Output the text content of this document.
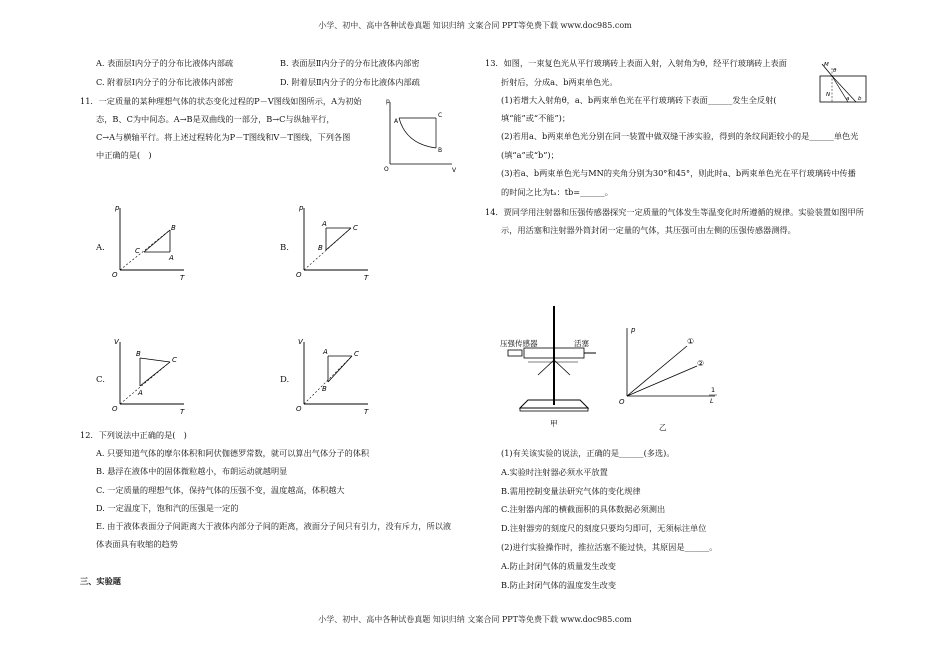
小学、初中、高中各种试卷真题 知识归纳 文案合同 PPT等免费下载 www.doc985.com
A. 表面层Ⅰ内分子的分布比液体内部疏	B. 表面层Ⅱ内分子的分布比液体内部密
C. 附着层Ⅰ内分子的分布比液体内部密	D. 附着层Ⅱ内分子的分布比液体内部疏
11．一定质量的某种理想气体的状态变化过程的P－V图线如图所示，A为初始
态，B、C为中间态。A→B是双曲线的一部分，B→C与纵轴平行，
C→A与横轴平行。将上述过程转化为P－T图线和V－T图线，下列各图
中正确的是(　)
p
A
C
B
O	V
A.
p
B
C
A
O	T
B.
p
A	C
B
O	T
C.
V
B
C
A
O	T
D.
V
A	C
B
O	T
12．下列说法中正确的是(　)
A. 只要知道气体的摩尔体积和阿伏伽德罗常数，就可以算出气体分子的体积
B. 悬浮在液体中的固体微粒越小，布朗运动就越明显
C. 一定质量的理想气体，保持气体的压强不变，温度越高，体积越大
D. 一定温度下，饱和汽的压强是一定的
E. 由于液体表面分子间距离大于液体内部分子间的距离，液面分子间只有引力，没有斥力，所以液
体表面具有收缩的趋势
三、实验题
13．如图，一束复色光从平行玻璃砖上表面入射，入射角为θ，经平行玻璃砖上表面
折射后，分成a、b两束单色光。
(1)若增大入射角θ，a、b两束单色光在平行玻璃砖下表面______发生全反射(
填“能”或“不能”)；
(2)若用a、b两束单色光分别在同一装置中做双缝干涉实验，得到的条纹间距较小的是______单色光
(填“a”或“b”)；
(3)若a、b两束单色光与MN的夹角分别为30°和45°，则此时a、b两束单色光在平行玻璃砖中传播
的时间之比为tₐ：tb=______。
M
θ
N
a b
14．贾同学用注射器和压强传感器探究一定质量的气体发生等温变化时所遵循的规律。实验装置如图甲所
示，用活塞和注射器外筒封闭一定量的气体，其压强可由左侧的压强传感器测得。
压强传感器	活塞
甲
p
O
1
L
①
②
乙
(1)有关该实验的说法，正确的是______(多选)。
A.实验时注射器必须水平放置
B.需用控制变量法研究气体的变化规律
C.注射器内部的横截面积的具体数据必须测出
D.注射器旁的刻度尺的刻度只要均匀即可，无须标注单位
(2)进行实验操作时，推拉活塞不能过快，其原因是______。
A.防止封闭气体的质量发生改变
B.防止封闭气体的温度发生改变
小学、初中、高中各种试卷真题 知识归纳 文案合同 PPT等免费下载 www.doc985.com
